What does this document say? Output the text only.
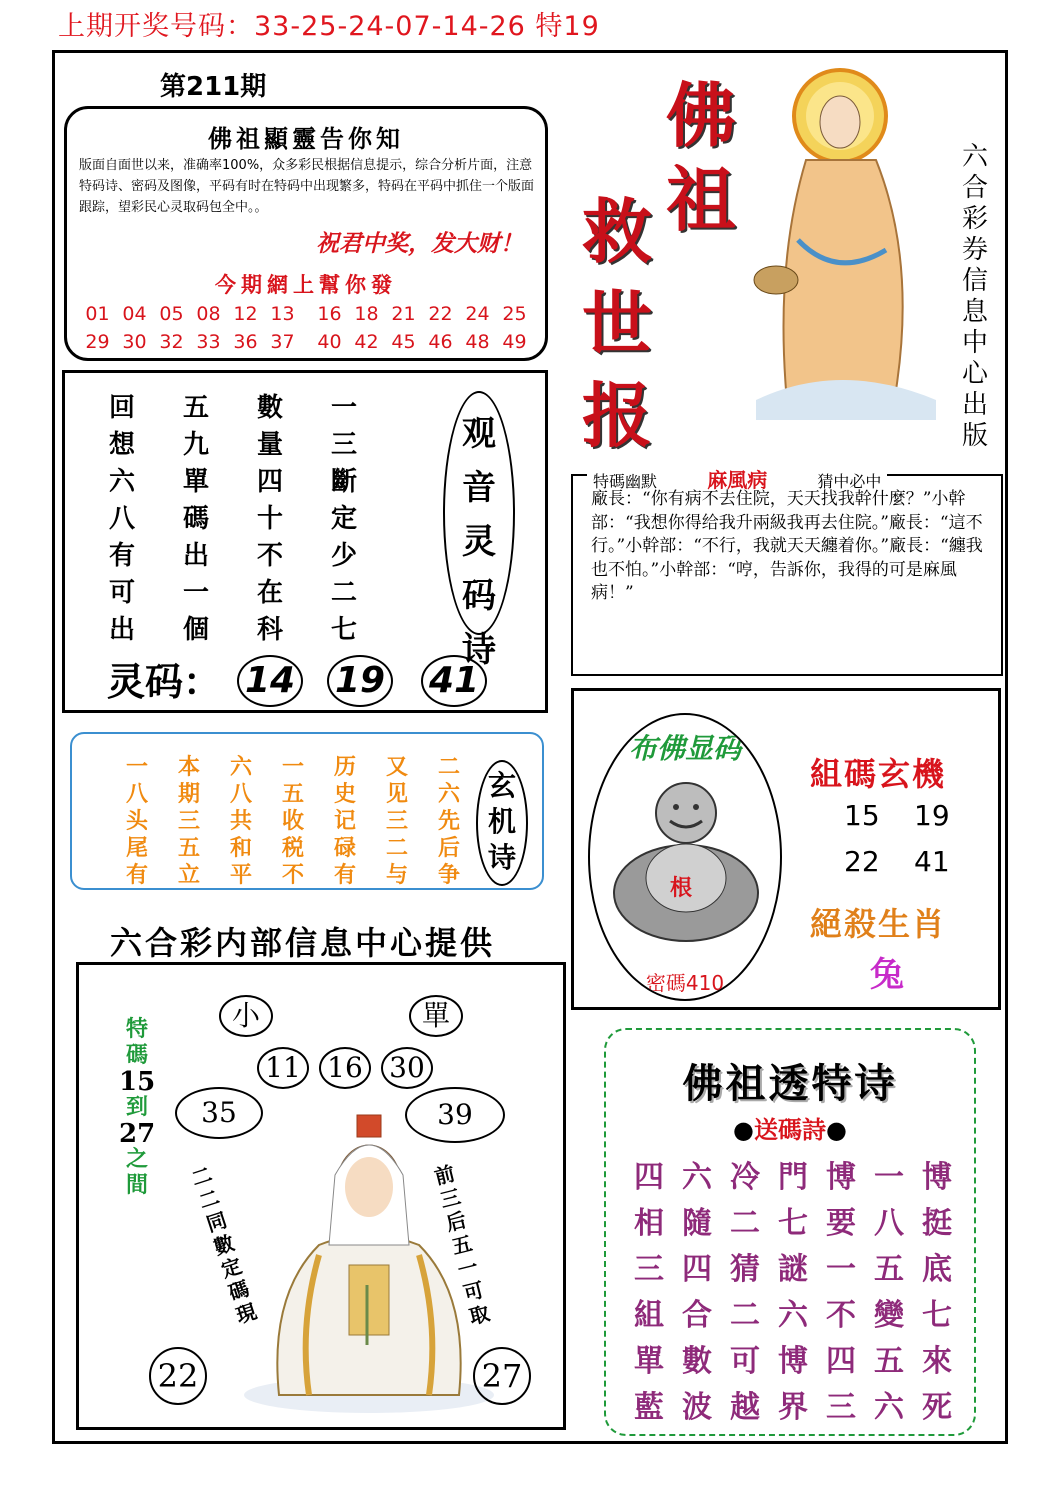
上期开奖号码：33-25-24-07-14-26 特19
第211期
佛祖顯靈告你知
版面自面世以来，准确率100%，众多彩民根据信息提示，综合分析片面，注意特码诗、密码及图像，平码有时在特码中出现繁多，特码在平码中抓住一个版面跟踪，望彩民心灵取码包全中。。
祝君中奖，发大财！
今期網上幫你發
01 04 05 08 12 13 16 18 21 22 24 25
29 30 32 33 36 37 40 42 45 46 48 49
回 五 數 一
想 九 量 三
六 單 四 斷
八 碼 十 定
有 出 不 少
可 一 在 二
出 個 科 七
观
音
灵
码
诗
灵码： 14 19 41
一 本 六 一 历 又 二
八 期 八 五 史 见 六
头 三 共 收 记 三 先
尾 五 和 税 碌 二 后
有 立 平 不 有 与 争
玄
机
诗
六合彩内部信息中心提供
小	單
11 16 30
35	39
特碼
15
到
27
之間 二
二
同
數
定
碼
現
前
三
后
五
一
可
取
22	27
佛
祖
救
世
报
六
合
彩
券
信
息
中
心
出
版
特碼幽默	麻風病	猜中必中
廠長：“你有病不去住院，天天找我幹什麼？”小幹部：“我想你得给我升兩級我再去住院。”廠長：“這不行。”小幹部：“不行，我就天天纏着你。”廠長：“纏我也不怕。”小幹部：“哼，告訴你，我得的可是麻風病！”
布佛显码
根
密碼410
組碼玄機
15 19
22 41
絕殺生肖
兔
佛祖透特诗
●送碼詩●
四 六 冷 門 博 一 博
相 隨 二 七 要 八 挺
三 四 猜 謎 一 五 底
組 合 二 六 不 變 七
單 數 可 博 四 五 來
藍 波 越 界 三 六 死
